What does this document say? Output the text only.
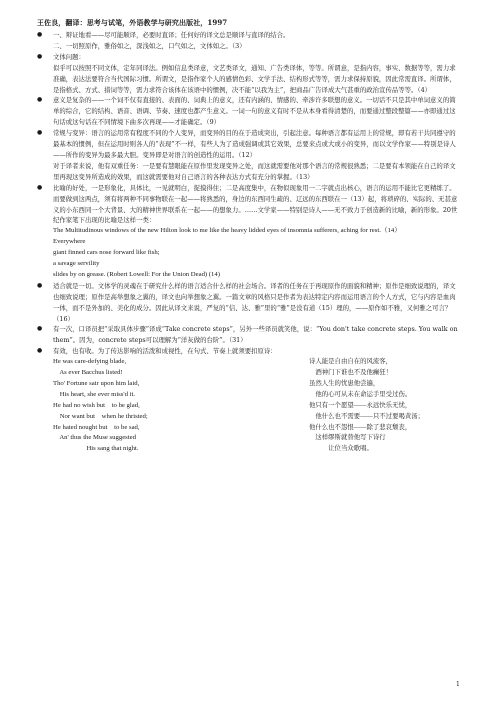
王佐良，翻译：思考与试笔，外语教学与研究出版社，1997

● 一、辩证地看——尽可能顺译，必要时直译；任何好的译文总是顺译与直译的结合。

二、一切照原作，雅俗如之，深浅如之，口气如之，文体如之。（3）

● 文体问题：

似乎可以按照不同文体，定年同译法。例如信息类译意，文艺类译文，通知、广告类译体，等等。所谓意，是指内容，事实、数据等等，需力求准确，表达法要符合当代国际习惯。所谓文，是指作家个人的感情色彩、文学手法、结构形式等等，需力求保持原貌，因此常需直译。所谓体，是指格式、方式、措词等等，需力求符合该体在该语中的惯例，决不能“以我为主”，把商品广告译成大气甚重的政治宣传品等等。（4）

● 意义是复杂的——一个词不仅有直接的、表面的、词典上的意义，还有内涵的、情感的、牵涉许多联想的意义。一切话不只是其中单词意义的简单的综合，它的结构、语音、语调、节奏、速度也都产生意义。一词一句的意义有时不是从本身看得清楚的，而要通过整段整篇——亦即通过这句话或这句话在不同情境下曲多次再现——才能确定。（9）

● 常规与变异：语言的运用常有程度不同的个人变异，而变异的目的在于造成突出，引起注意。每种语言都有运用上的常规，即有若干共同遵守的最基本的惯例，但在运用时则各人的“表现”不一样，有些人为了造成强调或其它效果，总要来点或大或小的变异，而以文学作家——特别是诗人——所作的变异为最多最大胆。变异即是对语言的创造性的运用。（12）

对于译者来说，他有双重任务：一是要有慧眼能在原作里发现变异之处，而这就需要他对那个语言的常规很熟悉；二是要有本领能在自己的译文里再现这变异所造成的效果，而这就需要他对自己语言的各种表达方式有充分的掌握。（13）

● 比喻的好处，一是形象化，具体比，一见就明白，捉摸得住；二是高度集中，在物似现象用一二字就点出核心，语言的运用不能比它更精练了。而要做到这两点，须有将两种不同事物联在一起——将熟悉的，身边的东西同生疏的、辽远的东西联在一（13）起，将琐碎的、实际的、无甚意义的小东西同一个大背景、大的精神世界联系在一起——的想象力。……文学家——特别是诗人——无不致力于创造新的比喻，新的形象。20世纪作家笔下出现的比喻是这样一类：

The Multitudinous windows of the new Hilton look to me like the heavy lidded eyes of insomnia sufferers, aching for rest.（14）

Everywhere

giant finned cars nose forward like fish;

a savage servility

slides by on grease. (Robert Lowell: For the Union Dead) (14)

● 适合就是一切。文体学的灵魂在于研究什么样的语言适合什么样的社会场合。译者的任务在于再现原作的面貌和精神；原作是细致说理的，译文也细致说理；原作是高举想象之翼的，译文也向举想象之翼。一篇文章的风格只是作者为表达特定内容而运用语言的个人方式，它与内容是血肉一体，而不是外加的、美化的成分。因此从译文来说，严复的“信、达、雅”里的“雅”是没有道（15）理的，——原作如不雅，又何雅之可言？（16）

● 有一次，口译员把“采取具体步骤”译成“Take concrete steps”，另外一些译员就笑他，说：“You don't take concrete steps. You walk on them”。因为，concrete steps可以理解为“洋灰做的台阶”。（31）

● 有效，也有收。为了传达影响的活泼和成视性，在句式、节奏上就须要扣原诗：

He was care-defying blade,
As ever Bacchus listed!
Tho' Fortune sair upon him laid,
His heart, she ever miss'd it.
He had no wish but    to be glad,
Nor want but    when he thristed;
He hated nought but    to be sad,
An' thus the Muse suggested
His sang that night.
诗人能是自由自在的风流客，
酒神门下谁也不及他癫狂！
虽然人生的忧患他尝遍，
他的心可从未在命运手里受过伤。
他只有一个愿望——永远快乐无忧，
他什么也不需要——只不过要喝黄汤；
他什么也不怨恨——除了悲哀颓丧，
这样缪斯就替他写下诗行
让位当众歌唱。
1
